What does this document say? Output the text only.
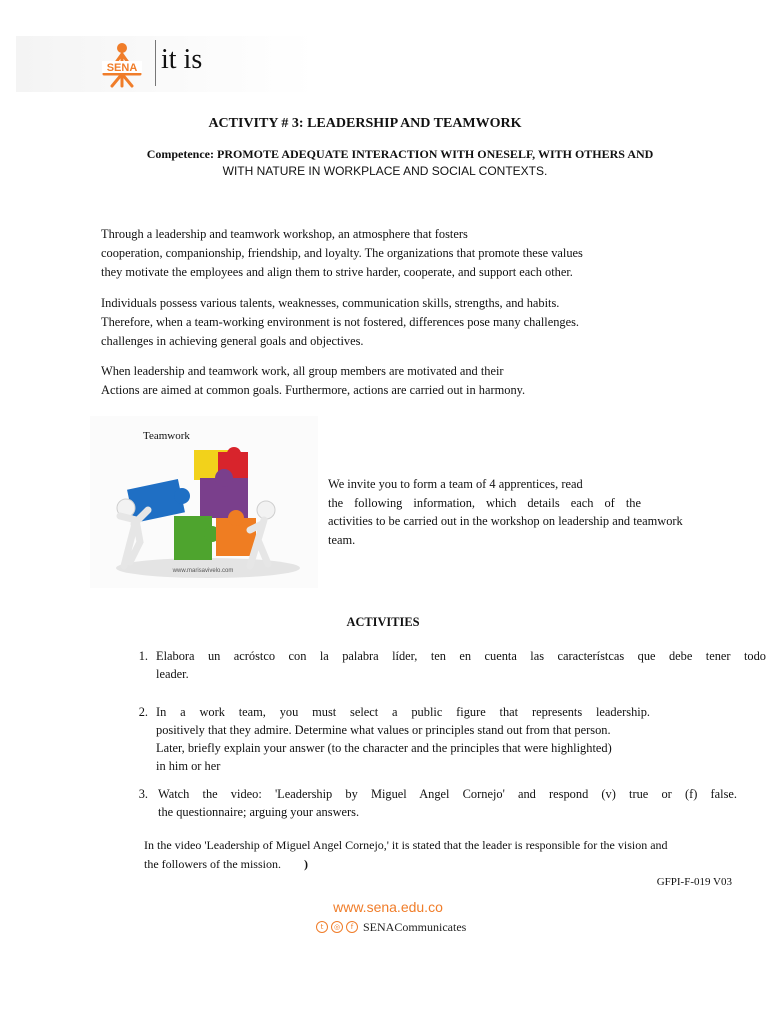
SENA it is
ACTIVITY # 3: LEADERSHIP AND TEAMWORK
Competence: PROMOTE ADEQUATE INTERACTION WITH ONESELF, WITH OTHERS AND
WITH NATURE IN WORKPLACE AND SOCIAL CONTEXTS.
Through a leadership and teamwork workshop, an atmosphere that fosters
cooperation, companionship, friendship, and loyalty. The organizations that promote these values
they motivate the employees and align them to strive harder, cooperate, and support each other.
Individuals possess various talents, weaknesses, communication skills, strengths, and habits.
Therefore, when a team-working environment is not fostered, differences pose many challenges.
challenges in achieving general goals and objectives.
When leadership and teamwork work, all group members are motivated and their
Actions are aimed at common goals. Furthermore, actions are carried out in harmony.
www.marisavivelo.com
Teamwork
We invite you to form a team of 4 apprentices, read
the following information, which details each of the
activities to be carried out in the workshop on leadership and teamwork
team.
ACTIVITIES
1. Elabora un acróstco con la palabra líder, ten en cuenta las característcas que debe tener todo
leader.
2. In a work team, you must select a public figure that represents leadership.
positively that they admire. Determine what values or principles stand out from that person.
Later, briefly explain your answer (to the character and the principles that were highlighted)
in him or her
3. Watch the video: 'Leadership by Miguel Angel Cornejo' and respond (v) true or (f) false.
the questionnaire; arguing your answers.
In the video 'Leadership of Miguel Angel Cornejo,' it is stated that the leader is responsible for the vision and
the followers of the mission. )
GFPI-F-019 V03
www.sena.edu.co
t	◎	f SENACommunicates
